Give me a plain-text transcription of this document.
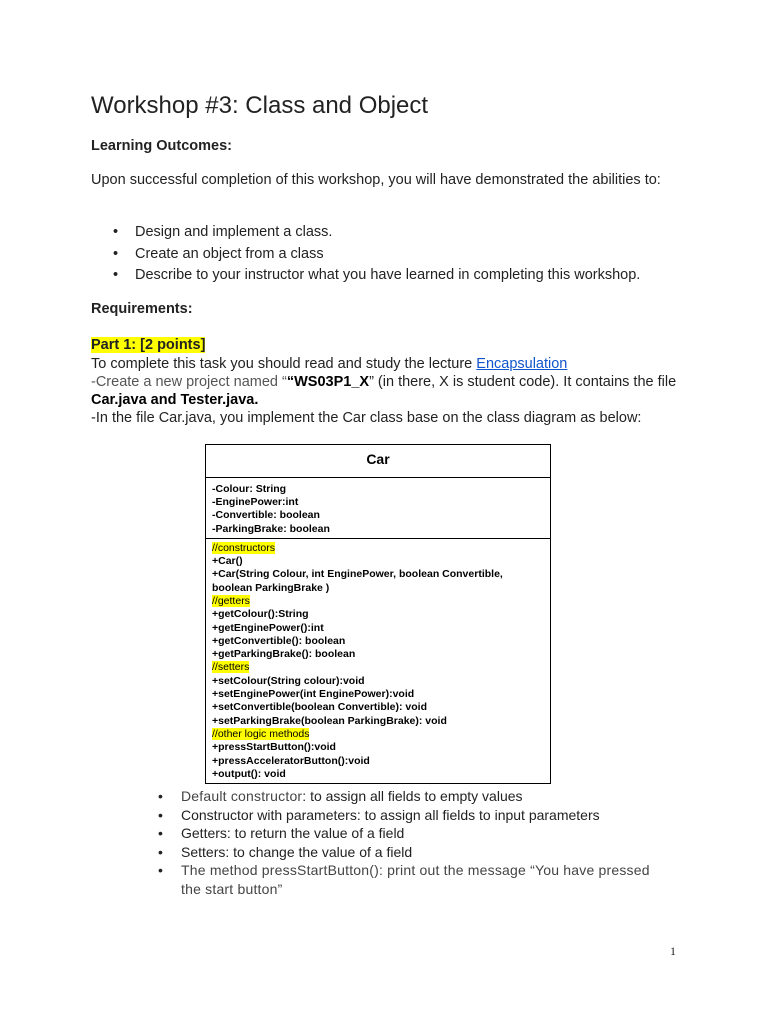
Workshop #3: Class and Object

Learning Outcomes:

Upon successful completion of this workshop, you will have demonstrated the abilities to:

• Design and implement a class.
• Create an object from a class
• Describe to your instructor what you have learned in completing this workshop.

Requirements:

Part 1: [2 points]

To complete this task you should read and study the lecture Encapsulation
-Create a new project named ““WS03P1_X” (in there, X is student code). It contains the file
Car.java and Tester.java.
-In the file Car.java, you implement the Car class base on the class diagram as below:
Car
-Colour: String
-EnginePower:int
-Convertible: boolean
-ParkingBrake: boolean
//constructors
+Car()
+Car(String Colour, int EnginePower, boolean Convertible,
boolean ParkingBrake )
//getters
+getColour():String
+getEnginePower():int
+getConvertible(): boolean
+getParkingBrake(): boolean
//setters
+setColour(String colour):void
+setEnginePower(int EnginePower):void
+setConvertible(boolean Convertible): void
+setParkingBrake(boolean ParkingBrake): void
//other logic methods
+pressStartButton():void
+pressAcceleratorButton():void
+output(): void
• Default constructor: to assign all fields to empty values
• Constructor with parameters: to assign all fields to input parameters
• Getters: to return the value of a field
• Setters: to change the value of a field
• The method pressStartButton(): print out the message “You have pressed
the start button”
1
